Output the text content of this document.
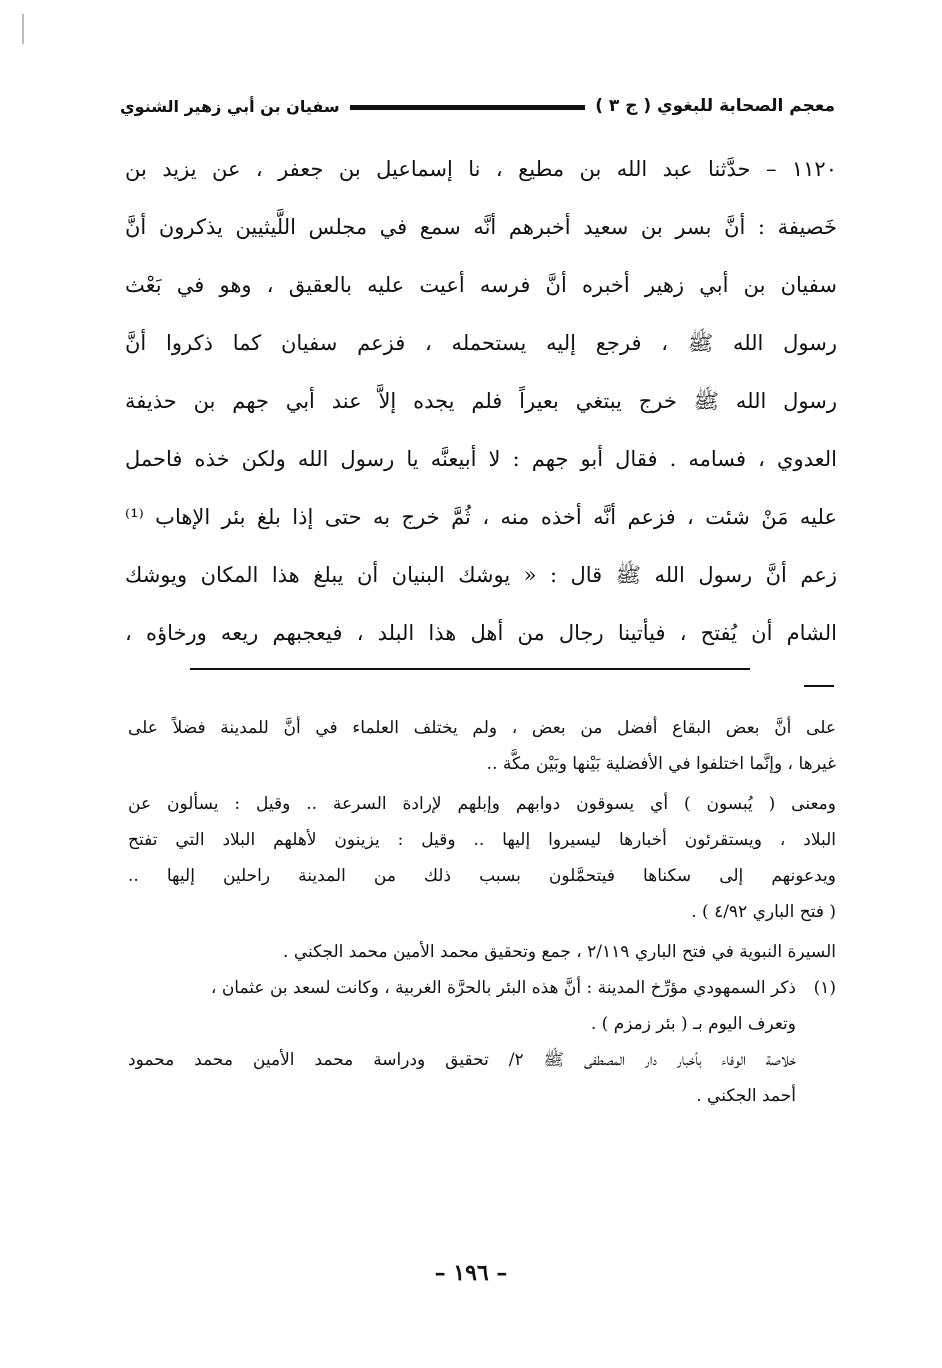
معجم الصحابة للبغوي ( ج ٣ )
سفيان بن أبي زهير الشنوي
١١٢٠ – حدَّثنا عبد الله بن مطيع ، نا إسماعيل بن جعفر ، عن يزيد بن
خَصيفة : أنَّ بسر بن سعيد أخبرهم أنَّه سمع في مجلس اللَّيثيين يذكرون أنَّ
سفيان بن أبي زهير أخبره أنَّ فرسه أعيت عليه بالعقيق ، وهو في بَعْث
رسول الله ﷺ ، فرجع إليه يستحمله ، فزعم سفيان كما ذكروا أنَّ
رسول الله ﷺ خرج يبتغي بعيراً فلم يجده إلاَّ عند أبي جهم بن حذيفة
العدوي ، فسامه . فقال أبو جهم : لا أبيعنَّه يا رسول الله ولكن خذه فاحمل
عليه مَنْ شئت ، فزعم أنَّه أخذه منه ، ثُمَّ خرج به حتى إذا بلغ بئر الإهاب ⁽¹⁾
زعم أنَّ رسول الله ﷺ قال : « يوشك البنيان أن يبلغ هذا المكان ويوشك
الشام أن يُفتح ، فيأتينا رجال من أهل هذا البلد ، فيعجبهم ريعه ورخاؤه ،
على أنَّ بعض البقاع أفضل من بعض ، ولم يختلف العلماء في أنَّ للمدينة فضلاً على
غيرها ، وإنَّما اختلفوا في الأفضلية بَيْنها وبَيْن مكَّة ..
ومعنى ( يُبسون ) أي يسوقون دوابهم وإبلهم لإرادة السرعة .. وقيل : يسألون عن
البلاد ، ويستقرئون أخبارها ليسيروا إليها .. وقيل : يزينون لأهلهم البلاد التي تفتح
ويدعونهم إلى سكناها فيتحمَّلون بسبب ذلك من المدينة راحلين إليها ..
( فتح الباري ٤/٩٢ ) .
السيرة النبوية في فتح الباري ٢/١١٩ ، جمع وتحقيق محمد الأمين محمد الجكني .
(١)ذكر السمهودي مؤرِّخ المدينة : أنَّ هذه البئر بالحرَّة الغربية ، وكانت لسعد بن عثمان ،
وتعرف اليوم بـ ( بئر زمزم ) .
خلاصة الوفاء بأخبار دار المصطفى ﷺ ٢/ تحقيق ودراسة محمد الأمين محمد محمود
أحمد الجكني .
– ١٩٦ –
